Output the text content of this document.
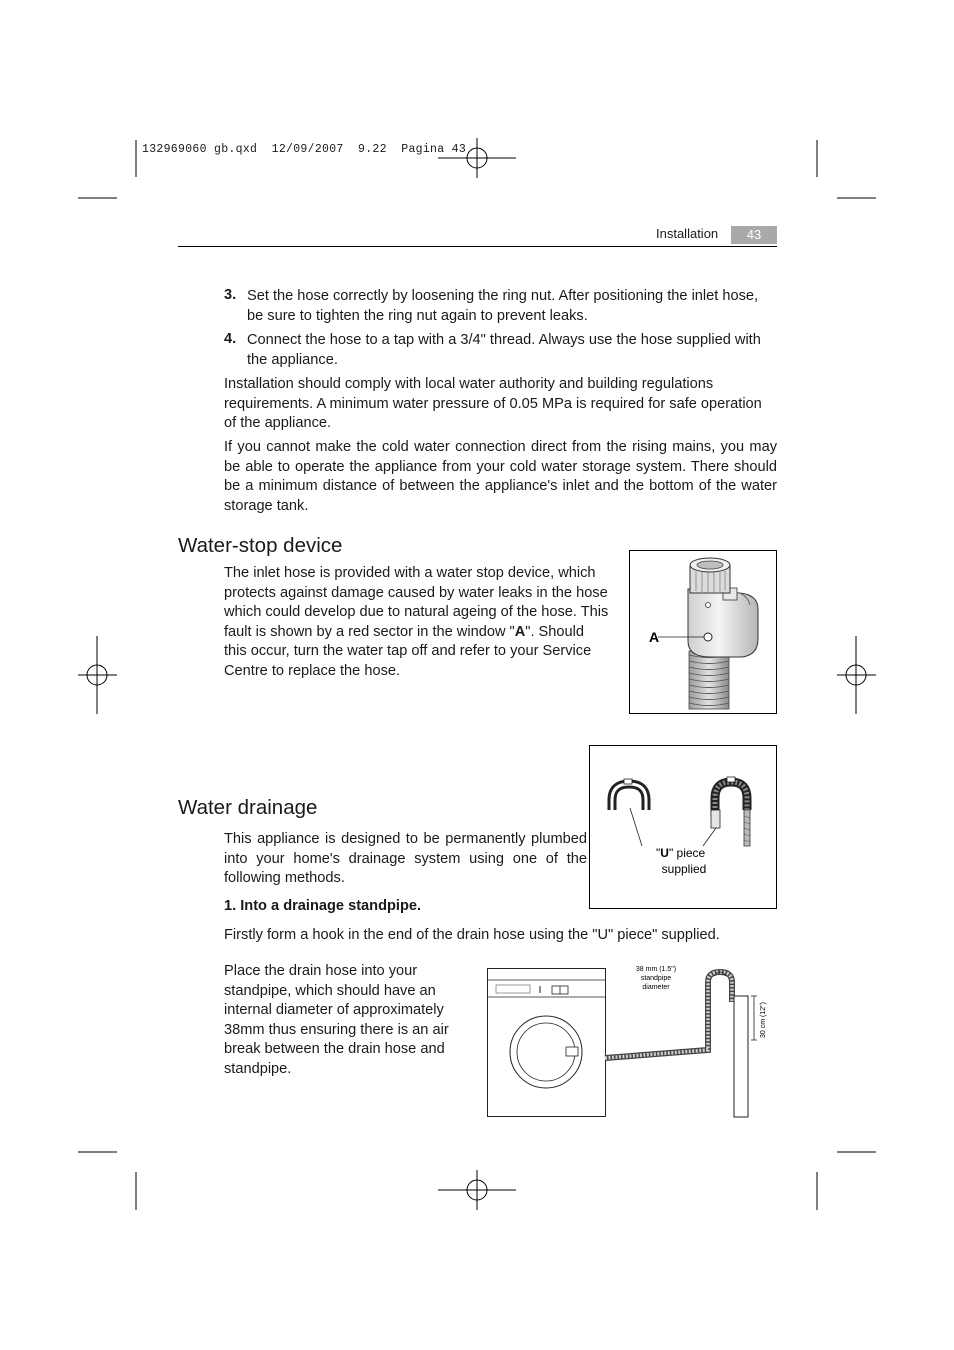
132969060 gb.qxd  12/09/2007  9.22  Pagina 43
Installation	43
3. Set the hose correctly by loosening the ring nut. After positioning the inlet hose, be sure to tighten the ring nut again to prevent leaks.
4. Connect the hose to a tap with a 3/4" thread. Always use the hose supplied with the appliance.
Installation should comply with local water authority and building regulations requirements. A minimum water pressure of 0.05 MPa is required for safe operation of the appliance.
If you cannot make the cold water connection direct from the rising mains, you may be able to operate the appliance from your cold water storage system. There should be a minimum distance of between the appliance's inlet and the bottom of the water storage tank.
Water-stop device
The inlet hose is provided with a water stop device, which protects against damage caused by water leaks in the hose which could develop due to natural ageing of the hose. This fault is shown by a red sector in the window "A". Should this occur, turn the water tap off and refer to your Service Centre to replace the hose.
A
Water drainage
This appliance is designed to be permanently plumbed into your home's drainage system using one of the following methods.
"U" piece
supplied
1. Into a drainage standpipe.
Firstly form a hook in the end of the drain hose using the "U" piece" supplied.
Place the drain hose into your standpipe, which should have an internal diameter of approximately 38mm thus ensuring there is an air break between the drain hose and standpipe.
30 cm (12")
38 mm (1.5")
standpipe
diameter
